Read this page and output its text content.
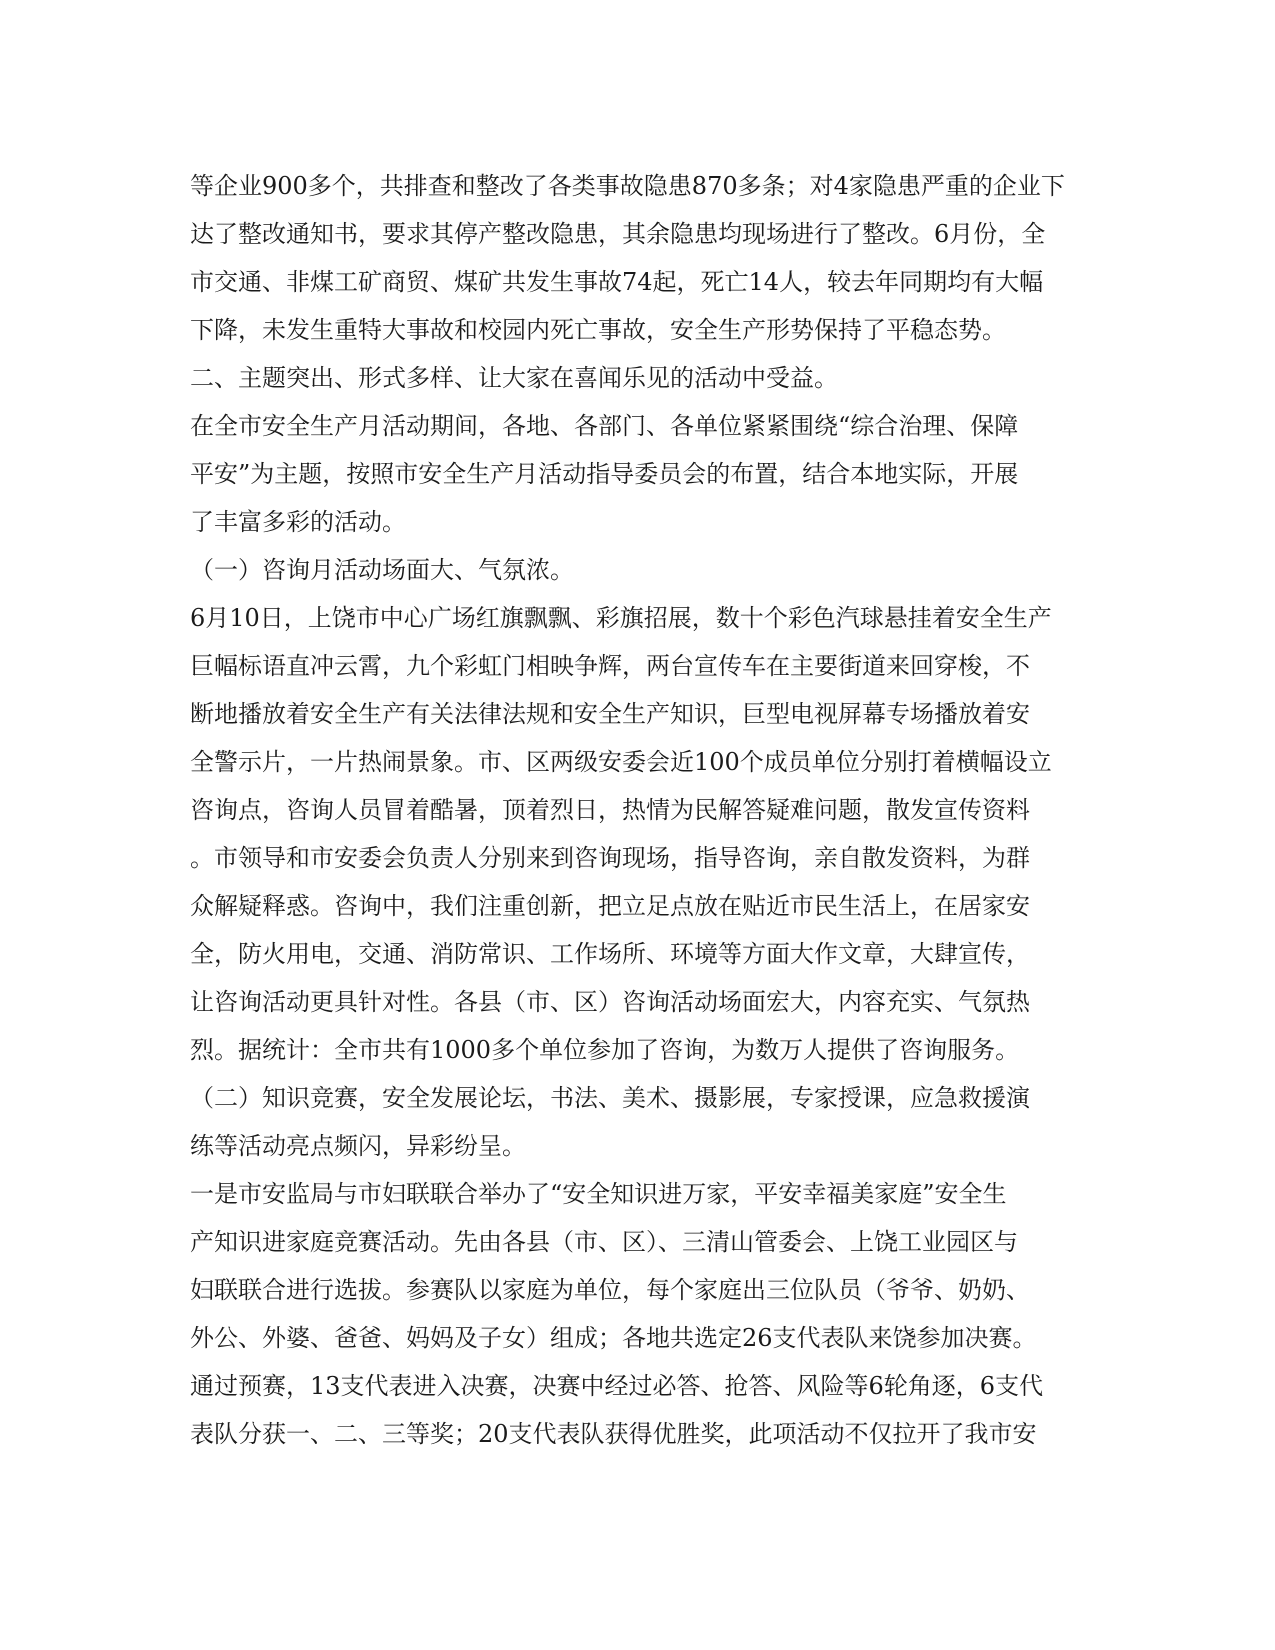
等企业900多个，共排查和整改了各类事故隐患870多条；对4家隐患严重的企业下
达了整改通知书，要求其停产整改隐患，其余隐患均现场进行了整改。6月份，全
市交通、非煤工矿商贸、煤矿共发生事故74起，死亡14人，较去年同期均有大幅
下降，未发生重特大事故和校园内死亡事故，安全生产形势保持了平稳态势。
二、主题突出、形式多样、让大家在喜闻乐见的活动中受益。
在全市安全生产月活动期间，各地、各部门、各单位紧紧围绕“综合治理、保障
平安”为主题，按照市安全生产月活动指导委员会的布置，结合本地实际，开展
了丰富多彩的活动。
（一）咨询月活动场面大、气氛浓。
6月10日，上饶市中心广场红旗飘飘、彩旗招展，数十个彩色汽球悬挂着安全生产
巨幅标语直冲云霄，九个彩虹门相映争辉，两台宣传车在主要街道来回穿梭，不
断地播放着安全生产有关法律法规和安全生产知识，巨型电视屏幕专场播放着安
全警示片，一片热闹景象。市、区两级安委会近100个成员单位分别打着横幅设立
咨询点，咨询人员冒着酷暑，顶着烈日，热情为民解答疑难问题，散发宣传资料
。市领导和市安委会负责人分别来到咨询现场，指导咨询，亲自散发资料，为群
众解疑释惑。咨询中，我们注重创新，把立足点放在贴近市民生活上，在居家安
全，防火用电，交通、消防常识、工作场所、环境等方面大作文章，大肆宣传，
让咨询活动更具针对性。各县（市、区）咨询活动场面宏大，内容充实、气氛热
烈。据统计：全市共有1000多个单位参加了咨询，为数万人提供了咨询服务。
（二）知识竞赛，安全发展论坛，书法、美术、摄影展，专家授课，应急救援演
练等活动亮点频闪，异彩纷呈。
一是市安监局与市妇联联合举办了“安全知识进万家，平安幸福美家庭”安全生
产知识进家庭竞赛活动。先由各县（市、区）、三清山管委会、上饶工业园区与
妇联联合进行选拔。参赛队以家庭为单位，每个家庭出三位队员（爷爷、奶奶、
外公、外婆、爸爸、妈妈及子女）组成；各地共选定26支代表队来饶参加决赛。
通过预赛，13支代表进入决赛，决赛中经过必答、抢答、风险等6轮角逐，6支代
表队分获一、二、三等奖；20支代表队获得优胜奖，此项活动不仅拉开了我市安
